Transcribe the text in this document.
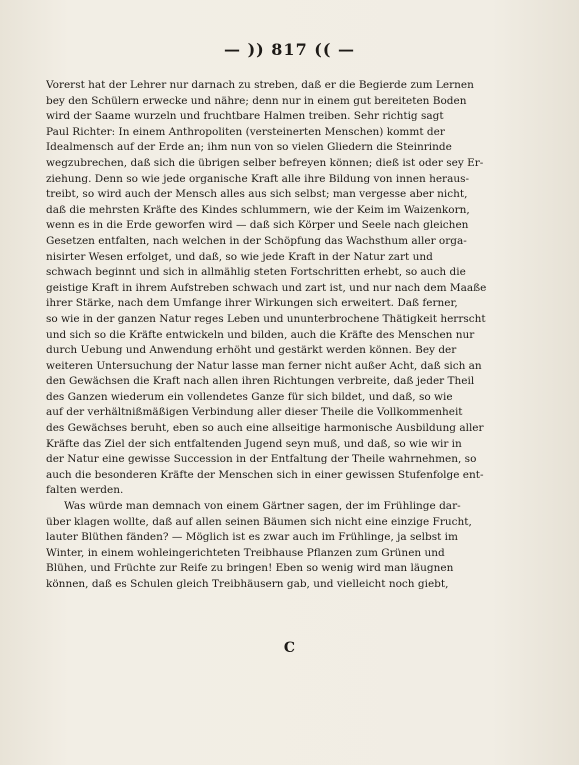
— )) 817 (( —

Vorerst hat der Lehrer nur darnach zu streben, daß er die Begierde zum Lernen
bey den Schülern erwecke und nähre; denn nur in einem gut bereiteten Boden
wird der Saame wurzeln und fruchtbare Halmen treiben. Sehr richtig sagt
Paul Richter: In einem Anthropoliten (versteinerten Menschen) kommt der
Idealmensch auf der Erde an; ihm nun von so vielen Gliedern die Steinrinde
wegzubrechen, daß sich die übrigen selber befreyen können; dieß ist oder sey Er-
ziehung. Denn so wie jede organische Kraft alle ihre Bildung von innen heraus-
treibt, so wird auch der Mensch alles aus sich selbst; man vergesse aber nicht,
daß die mehrsten Kräfte des Kindes schlummern, wie der Keim im Waizenkorn,
wenn es in die Erde geworfen wird — daß sich Körper und Seele nach gleichen
Gesetzen entfalten, nach welchen in der Schöpfung das Wachsthum aller orga-
nisirter Wesen erfolget, und daß, so wie jede Kraft in der Natur zart und
schwach beginnt und sich in allmählig steten Fortschritten erhebt, so auch die
geistige Kraft in ihrem Aufstreben schwach und zart ist, und nur nach dem Maaße
ihrer Stärke, nach dem Umfange ihrer Wirkungen sich erweitert. Daß ferner,
so wie in der ganzen Natur reges Leben und ununterbrochene Thätigkeit herrscht
und sich so die Kräfte entwickeln und bilden, auch die Kräfte des Menschen nur
durch Uebung und Anwendung erhöht und gestärkt werden können. Bey der
weiteren Untersuchung der Natur lasse man ferner nicht außer Acht, daß sich an
den Gewächsen die Kraft nach allen ihren Richtungen verbreite, daß jeder Theil
des Ganzen wiederum ein vollendetes Ganze für sich bildet, und daß, so wie
auf der verhältnißmäßigen Verbindung aller dieser Theile die Vollkommenheit
des Gewächses beruht, eben so auch eine allseitige harmonische Ausbildung aller
Kräfte das Ziel der sich entfaltenden Jugend seyn muß, und daß, so wie wir in
der Natur eine gewisse Succession in der Entfaltung der Theile wahrnehmen, so
auch die besonderen Kräfte der Menschen sich in einer gewissen Stufenfolge ent-
falten werden.

Was würde man demnach von einem Gärtner sagen, der im Frühlinge dar-
über klagen wollte, daß auf allen seinen Bäumen sich nicht eine einzige Frucht,
lauter Blüthen fänden? — Möglich ist es zwar auch im Frühlinge, ja selbst im
Winter, in einem wohleingerichteten Treibhause Pflanzen zum Grünen und
Blühen, und Früchte zur Reife zu bringen! Eben so wenig wird man läugnen
können, daß es Schulen gleich Treibhäusern gab, und vielleicht noch giebt,

C
